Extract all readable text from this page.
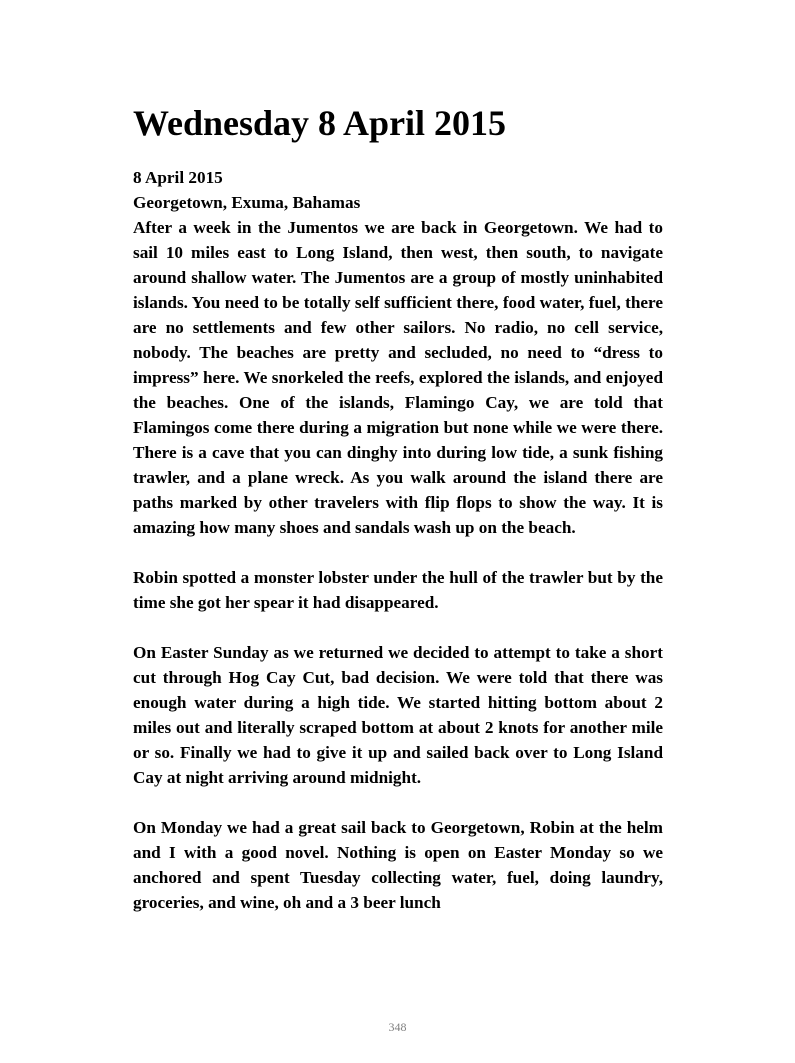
Wednesday 8 April 2015

8 April 2015

Georgetown, Exuma, Bahamas

After a week in the Jumentos we are back in Georgetown. We had to sail 10 miles east to Long Island, then west, then south, to navigate around shallow water. The Jumentos are a group of mostly uninhabited islands. You need to be totally self sufficient there, food water, fuel, there are no settlements and few other sailors. No radio, no cell service, nobody. The beaches are pretty and secluded, no need to “dress to impress” here. We snorkeled the reefs, explored the islands, and enjoyed the beaches. One of the islands, Flamingo Cay, we are told that Flamingos come there during a migration but none while we were there. There is a cave that you can dinghy into during low tide, a sunk fishing trawler, and a plane wreck. As you walk around the island there are paths marked by other travelers with flip flops to show the way. It is amazing how many shoes and sandals wash up on the beach.

Robin spotted a monster lobster under the hull of the trawler but by the time she got her spear it had disappeared.

On Easter Sunday as we returned we decided to attempt to take a short cut through Hog Cay Cut, bad decision. We were told that there was enough water during a high tide. We started hitting bottom about 2 miles out and literally scraped bottom at about 2 knots for another mile or so. Finally we had to give it up and sailed back over to Long Island Cay at night arriving around midnight.

On Monday we had a great sail back to Georgetown, Robin at the helm and I with a good novel. Nothing is open on Easter Monday so we anchored and spent Tuesday collecting water, fuel, doing laundry, groceries, and wine, oh and a 3 beer lunch

348
